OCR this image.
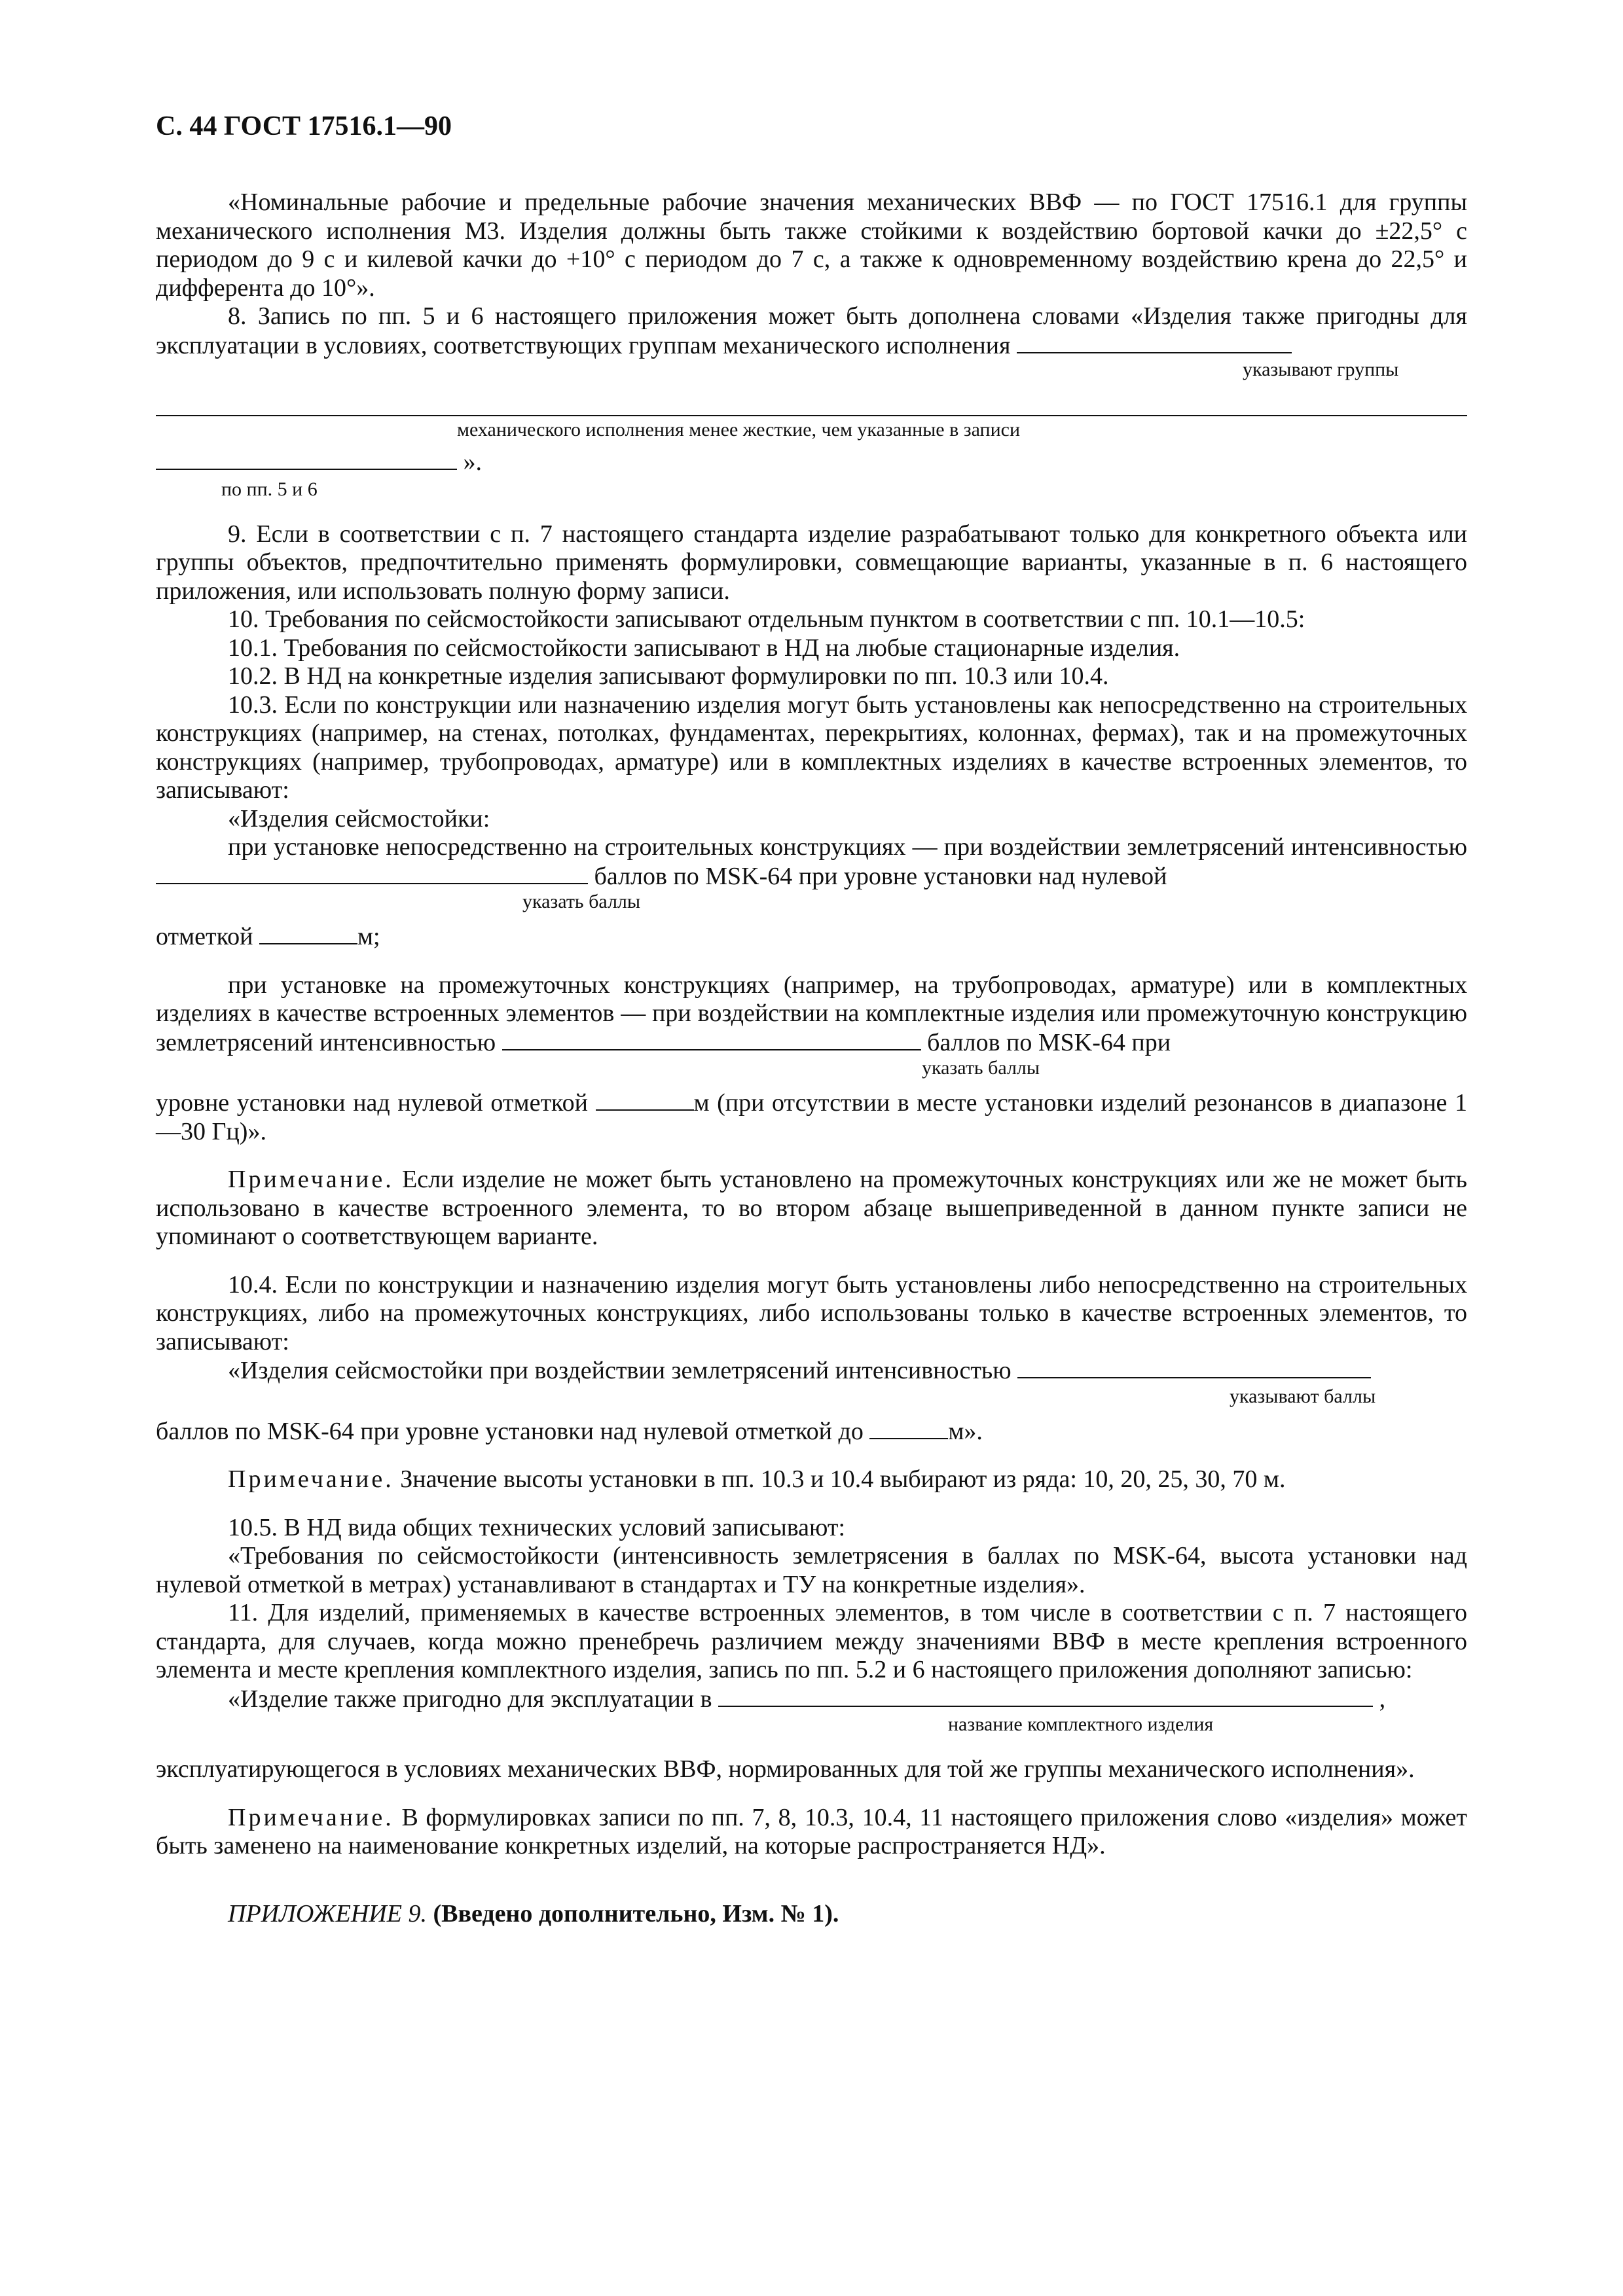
С. 44 ГОСТ 17516.1—90

«Номинальные рабочие и предельные рабочие значения механических ВВФ — по ГОСТ 17516.1 для группы механического исполнения М3. Изделия должны быть также стойкими к воздействию бортовой качки до ±22,5° с периодом до 9 с и килевой качки до +10° с периодом до 7 с, а также к одновременному воздействию крена до 22,5° и дифферента до 10°».

8. Запись по пп. 5 и 6 настоящего приложения может быть дополнена словами «Изделия также пригодны для эксплуатации в условиях, соответствующих группам механического исполнения

указывают группы
механического исполнения менее жесткие, чем указанные в записи
».
по пп. 5 и 6

9. Если в соответствии с п. 7 настоящего стандарта изделие разрабатывают только для конкретного объекта или группы объектов, предпочтительно применять формулировки, совмещающие варианты, указанные в п. 6 настоящего приложения, или использовать полную форму записи.

10. Требования по сейсмостойкости записывают отдельным пунктом в соответствии с пп. 10.1—10.5:

10.1. Требования по сейсмостойкости записывают в НД на любые стационарные изделия.

10.2. В НД на конкретные изделия записывают формулировки по пп. 10.3 или 10.4.

10.3. Если по конструкции или назначению изделия могут быть установлены как непосредственно на строительных конструкциях (например, на стенах, потолках, фундаментах, перекрытиях, колоннах, фермах), так и на промежуточных конструкциях (например, трубопроводах, арматуре) или в комплектных изделиях в качестве встроенных элементов, то записывают:

«Изделия сейсмостойки:

при установке непосредственно на строительных конструкциях — при воздействии землетрясений интенсивностью  баллов по MSK-64 при уровне установки над нулевой

указать баллы

отметкой	м;

при установке на промежуточных конструкциях (например, на трубопроводах, арматуре) или в комплектных изделиях в качестве встроенных элементов — при воздействии на комплектные изделия или промежуточную конструкцию землетрясений интенсивностью	баллов по MSK-64 при

указать баллы

уровне установки над нулевой отметкой	м (при отсутствии в месте установки изделий резонансов в диапазоне 1—30 Гц)».

Примечание. Если изделие не может быть установлено на промежуточных конструкциях или же не может быть использовано в качестве встроенного элемента, то во втором абзаце вышеприведенной в данном пункте записи не упоминают о соответствующем варианте.

10.4. Если по конструкции и назначению изделия могут быть установлены либо непосредственно на строительных конструкциях, либо на промежуточных конструкциях, либо использованы только в качестве встроенных элементов, то записывают:

«Изделия сейсмостойки при воздействии землетрясений интенсивностью

указывают баллы

баллов по MSK-64 при уровне установки над нулевой отметкой до	м».

Примечание. Значение высоты установки в пп. 10.3 и 10.4 выбирают из ряда: 10, 20, 25, 30, 70 м.

10.5. В НД вида общих технических условий записывают:

«Требования по сейсмостойкости (интенсивность землетрясения в баллах по MSK-64, высота установки над нулевой отметкой в метрах) устанавливают в стандартах и ТУ на конкретные изделия».

11. Для изделий, применяемых в качестве встроенных элементов, в том числе в соответствии с п. 7 настоящего стандарта, для случаев, когда можно пренебречь различием между значениями ВВФ в месте крепления встроенного элемента и месте крепления комплектного изделия, запись по пп. 5.2 и 6 настоящего приложения дополняют записью:

«Изделие также пригодно для эксплуатации в	,

название комплектного изделия

эксплуатирующегося в условиях механических ВВФ, нормированных для той же группы механического исполнения».

Примечание. В формулировках записи по пп. 7, 8, 10.3, 10.4, 11 настоящего приложения слово «изделия» может быть заменено на наименование конкретных изделий, на которые распространяется НД».

ПРИЛОЖЕНИЕ 9. (Введено дополнительно, Изм. № 1).
